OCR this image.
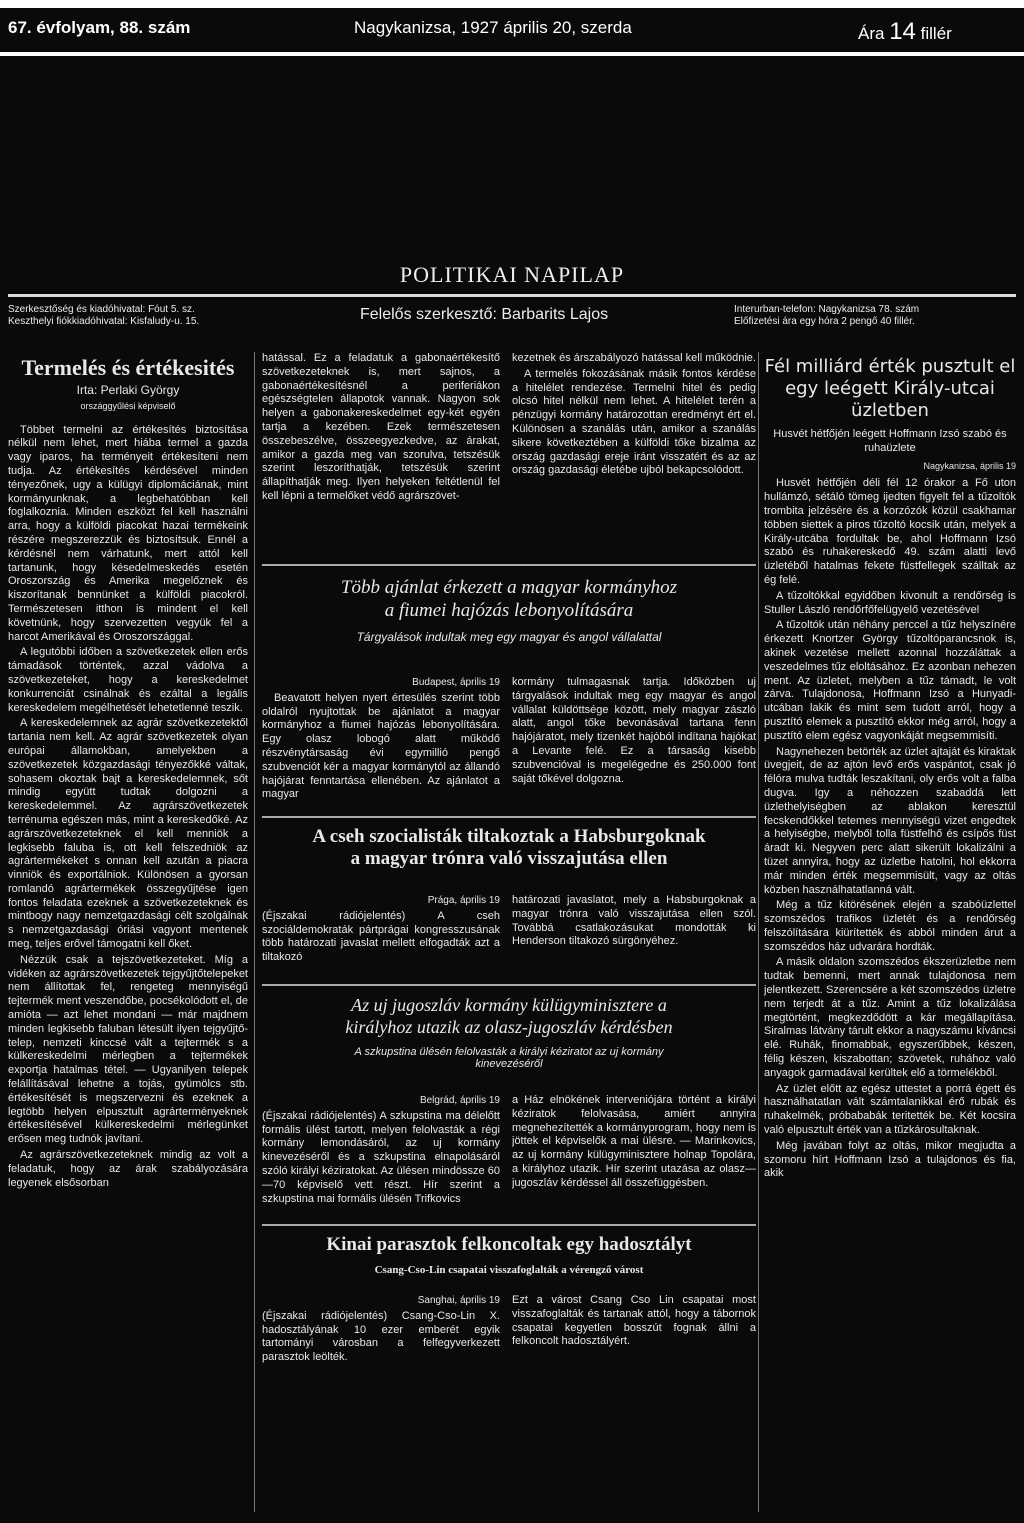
67. évfolyam, 88. szám	Nagykanizsa, 1927 április 20, szerda	Ára 14 fillér
POLITIKAI NAPILAP
Szerkesztőség és kiadóhivatal: Fóut 5. sz.
Keszthelyi fiókkiadóhivatal: Kisfaludy-u. 15.	Felelős szerkesztő: Barbarits Lajos	Interurban-telefon: Nagykanizsa 78. szám
Előfizetési ára egy hóra 2 pengő 40 fillér.
Termelés és értékesités
Irta: Perlaki György
országgyűlési képviselő

Többet termelni az értékesítés biztosítása nélkül nem lehet, mert hiába termel a gazda vagy iparos, ha terményeit értékesíteni nem tudja. Az értékesítés kérdésével minden tényezőnek, ugy a külügyi diplomáciának, mint kormányunknak, a legbehatóbban kell foglalkoznia. Minden eszközt fel kell használni arra, hogy a külföldi piacokat hazai termékeink részére megszerezzük és biztosítsuk. Ennél a kérdésnél nem várhatunk, mert attól kell tartanunk, hogy késedelmeskedés esetén Oroszország és Amerika megelőznek és kiszorítanak bennünket a külföldi piacokról. Természetesen itthon is mindent el kell követnünk, hogy szervezetten vegyük fel a harcot Amerikával és Oroszországgal.

A legutóbbi időben a szövetkezetek ellen erős támadások történtek, azzal vádolva a szövetkezeteket, hogy a kereskedelmet konkurrenciát csinálnak és ezáltal a legális kereskedelem megélhetését lehetetlenné teszik.

A kereskedelemnek az agrár szövetkezetektől tartania nem kell. Az agrár szövetkezetek olyan európai államokban, amelyekben a szövetkezetek közgazdasági tényezőkké váltak, sohasem okoztak bajt a kereskedelemnek, sőt mindig együtt tudtak dolgozni a kereskedelemmel. Az agrárszövetkezetek terrénuma egészen más, mint a kereskedőké. Az agrárszövetkezeteknek el kell menniök a legkisebb faluba is, ott kell felszedniök az agrártermékeket s onnan kell azután a piacra vinniök és exportálniok. Különösen a gyorsan romlandó agrártermékek összegyűjtése igen fontos feladata ezeknek a szövetkezeteknek és mintbogy nagy nemzetgazdasági célt szolgálnak s nemzetgazdasági óriási vagyont mentenek meg, teljes erővel támogatni kell őket.

Nézzük csak a tejszövetkezeteket. Míg a vidéken az agrárszövetkezetek tejgyűjtőtelepeket nem állítottak fel, rengeteg mennyiségű tejtermék ment veszendőbe, pocsékolódott el, de amióta — azt lehet mondani — már majdnem minden legkisebb faluban létesült ilyen tejgyűjtő-telep, nemzeti kinccsé vált a tejtermék s a külkereskedelmi mérlegben a tejtermékek exportja hatalmas tétel. — Ugyanilyen telepek felállításával lehetne a tojás, gyümölcs stb. értékesítését is megszervezni és ezeknek a legtöbb helyen elpusztult agrárterményeknek értékesítésével külkereskedelmi mérlegünket erősen meg tudnók javítani.

Az agrárszövetkezeteknek mindig az volt a feladatuk, hogy az árak szabályozására legyenek elsősorban

hatással. Ez a feladatuk a gabonaértékesítő szövetkezeteknek is, mert sajnos, a gabonaértékesítésnél a periferiákon egészségtelen állapotok vannak. Nagyon sok helyen a gabonakereskedelmet egy-két egyén tartja a kezében. Ezek természetesen összebeszélve, összeegyezkedve, az árakat, amikor a gazda meg van szorulva, tetszésük szerint leszoríthatják, tetszésük szerint állapíthatják meg. Ilyen helyeken feltétlenül fel kell lépni a termelőket védő agrárszövet-

kezetnek és árszabályozó hatással kell működnie.

A termelés fokozásának másik fontos kérdése a hitelélet rendezése. Termelni hitel és pedig olcsó hitel nélkül nem lehet. A hitelélet terén a pénzügyi kormány határozottan eredményt ért el. Különösen a szanálás után, amikor a szanálás sikere következtében a külföldi tőke bizalma az ország gazdasági ereje iránt visszatért és az az ország gazdasági életébe ujból bekapcsolódott.

Több ajánlat érkezett a magyar kormányhoz
a fiumei hajózás lebonyolítására
Tárgyalások indultak meg egy magyar és angol vállalattal
Budapest, április 19
Beavatott helyen nyert értesülés szerint több oldalról nyujtottak be ajánlatot a magyar kormányhoz a fiumei hajózás lebonyolítására. Egy olasz lobogó alatt működő részvénytársaság évi egymillió pengő szubvenciót kér a magyar kormánytól az állandó hajójárat fenntartása ellenében. Az ajánlatot a magyar
kormány tulmagasnak tartja. Időközben uj tárgyalások indultak meg egy magyar és angol vállalat küldöttsége között, mely magyar zászló alatt, angol tőke bevonásával tartana fenn hajójáratot, mely tizenkét hajóból indítana hajókat a Levante felé. Ez a társaság kisebb szubvencióval is megelégedne és 250.000 font saját tőkével dolgozna.
A cseh szocialisták tiltakoztak a Habsburgoknak
a magyar trónra való visszajutása ellen
Prága, április 19
(Éjszakai rádiójelentés) A cseh szociáldemokraták pártprágai kongresszusának több határozati javaslat mellett elfogadták azt a tiltakozó
határozati javaslatot, mely a Habsburgoknak a magyar trónra való visszajutása ellen szól. Továbbá csatlakozásukat mondották ki Henderson tiltakozó sürgönyéhez.
Az uj jugoszláv kormány külügyminisztere a
királyhoz utazik az olasz-jugoszláv kérdésben
A szkupstina ülésén felolvasták a királyi kéziratot az uj kormány
kinevezéséről
Belgrád, április 19
(Éjszakai rádiójelentés) A szkupstina ma délelőtt formális ülést tartott, melyen felolvasták a régi kormány lemondásáról, az uj kormány kinevezéséről és a szkupstina elnapolásáról szóló királyi kéziratokat. Az ülésen mindössze 60—70 képviselő vett részt. Hír szerint a szkupstina mai formális ülésén Trifkovics
a Ház elnökének interveniójára történt a királyi kéziratok felolvasása, amiért annyira megnehezítették a kormányprogram, hogy nem is jöttek el képviselők a mai ülésre. — Marinkovics, az uj kormány külügyminisztere holnap Topolára, a királyhoz utazik. Hír szerint utazása az olasz—jugoszláv kérdéssel áll összefüggésben.
Kinai parasztok felkoncoltak egy hadosztályt
Csang-Cso-Lin csapatai visszafoglalták a vérengző várost
Sanghai, április 19
(Éjszakai rádiójelentés) Csang-Cso-Lin X. hadosztályának 10 ezer emberét egyik tartományi városban a felfegyverkezett parasztok leölték.
Ezt a várost Csang Cso Lin csapatai most visszafoglalták és tartanak attól, hogy a tábornok csapatai kegyetlen bosszút fognak állni a felkoncolt hadosztályért.
Fél milliárd érték pusztult el egy leégett Király-utcai üzletben
Husvét hétfőjén leégett Hoffmann Izsó szabó és ruhaüzlete
Nagykanizsa, április 19

Husvét hétfőjén déli fél 12 órakor a Fő uton hullámzó, sétáló tömeg ijedten figyelt fel a tűzoltók trombita jelzésére és a korzózók közül csakhamar többen siettek a piros tűzoltó kocsik után, melyek a Király-utcába fordultak be, ahol Hoffmann Izsó szabó és ruhakereskedő 49. szám alatti levő üzletéből hatalmas fekete füstfellegek szálltak az ég felé.

A tűzoltókkal egyidőben kivonult a rendőrség is Stuller László rendőrfőfelügyelő vezetésével

A tűzoltók után néhány perccel a tűz helyszínére érkezett Knortzer György tűzoltóparancsnok is, akinek vezetése mellett azonnal hozzáláttak a veszedelmes tűz eloltásához. Ez azonban nehezen ment. Az üzletet, melyben a tűz támadt, le volt zárva. Tulajdonosa, Hoffmann Izsó a Hunyadi-utcában lakik és mint sem tudott arról, hogy a pusztító elemek a pusztító ekkor még arról, hogy a pusztító elem egész vagyonkáját megsemmisíti.

Nagynehezen betörték az üzlet ajtaját és kiraktak üvegjeit, de az ajtón levő erős vaspántot, csak jó félóra mulva tudták leszakítani, oly erős volt a falba dugva. Igy a néhozzen szabaddá lett üzlethelyiségben az ablakon keresztül fecskendőkkel tetemes mennyiségü vizet engedtek a helyiségbe, melyből tolla füstfelhő és csípős füst áradt ki. Negyven perc alatt sikerült lokalizálni a tüzet annyira, hogy az üzletbe hatolni, hol ekkorra már minden érték megsemmisült, vagy az oltás közben használhatatlanná vált.

Még a tűz kitörésének elején a szabóüzlettel szomszédos trafikos üzletét és a rendőrség felszólítására kiürítették és abból minden árut a szomszédos ház udvarára hordták.

A másik oldalon szomszédos ékszerüzletbe nem tudtak bemenni, mert annak tulajdonosa nem jelentkezett. Szerencsére a két szomszédos üzletre nem terjedt át a tűz. Amint a tűz lokalizálása megtörtént, megkezdődött a kár megállapítása. Siralmas látvány tárult ekkor a nagyszámu kíváncsi elé. Ruhák, finomabbak, egyszerűbbek, készen, félig készen, kiszabottan; szövetek, ruhához való anyagok garmadával kerültek elő a törmelékből.

Az üzlet előtt az egész uttestet a porrá égett és használhatatlan vált számtalanikkal érő rubák és ruhakelmék, próbababák teritették be. Két kocsira való elpusztult érték van a tűzkárosultaknak.

Még javában folyt az oltás, mikor megjudta a szomoru hírt Hoffmann Izsó a tulajdonos és fia, akik
